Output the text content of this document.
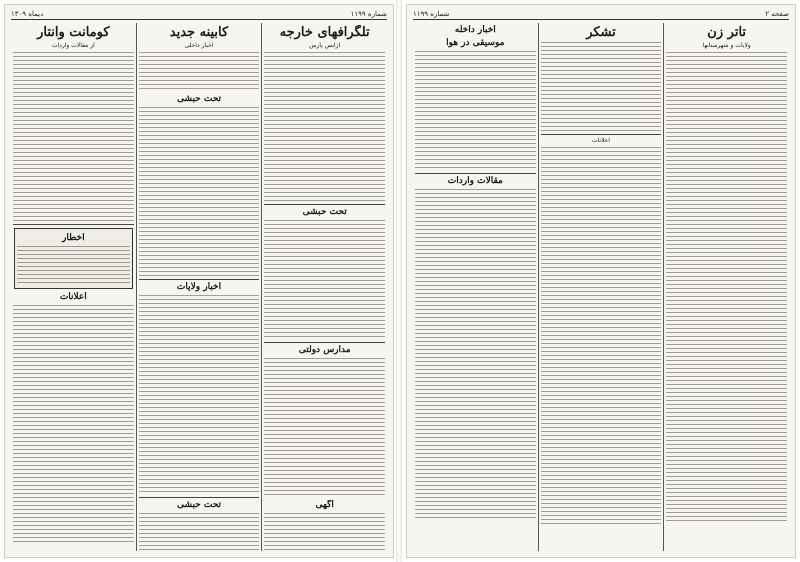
شماره ۱۱۹۹
دیماه ۱۳۰۹
تلگرافهای خارجه
آژانس پارس
تحت حبشی
مدارس دولتی
آگهی
کابینه جدید
اخبار داخلی
تحت حبشی
اخبار ولایات
تحت حبشی
کومانت وانتار
از مقالات واردات
اخطار
اعلانات
صفحه ۲
شماره ۱۱۹۹
تاتر زن
ولایات و شهرستانها
تشکر
اعلانات
اخبار داخله
موسیقی در هوا
مقالات واردات
